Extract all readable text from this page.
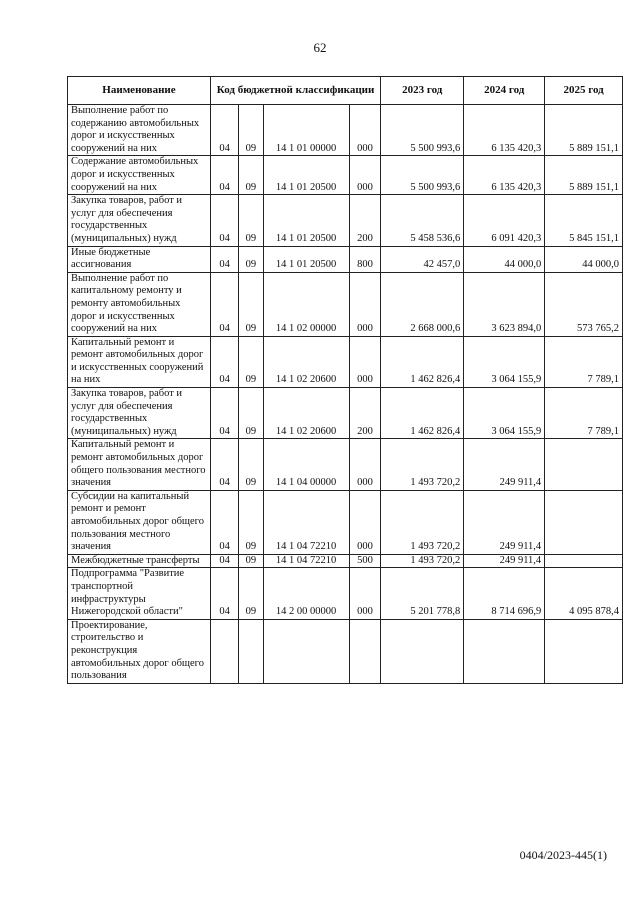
62
Наименование	Код бюджетной классификации				2023 год	2024 год	2025 год
Выполнение работ по содержанию автомобильных дорог и искусственных сооружений на них	04	09	14 1 01 00000	000	5 500 993,6	6 135 420,3	5 889 151,1
Содержание автомобильных дорог и искусственных сооружений на них	04	09	14 1 01 20500	000	5 500 993,6	6 135 420,3	5 889 151,1
Закупка товаров, работ и услуг для обеспечения государственных (муниципальных) нужд	04	09	14 1 01 20500	200	5 458 536,6	6 091 420,3	5 845 151,1
Иные бюджетные ассигнования	04	09	14 1 01 20500	800	42 457,0	44 000,0	44 000,0
Выполнение работ по капитальному ремонту и ремонту автомобильных дорог и искусственных сооружений на них	04	09	14 1 02 00000	000	2 668 000,6	3 623 894,0	573 765,2
Капитальный ремонт и ремонт автомобильных дорог и искусственных сооружений на них	04	09	14 1 02 20600	000	1 462 826,4	3 064 155,9	7 789,1
Закупка товаров, работ и услуг для обеспечения государственных (муниципальных) нужд	04	09	14 1 02 20600	200	1 462 826,4	3 064 155,9	7 789,1
Капитальный ремонт и ремонт автомобильных дорог общего пользования местного значения	04	09	14 1 04 00000	000	1 493 720,2	249 911,4	
Субсидии на капитальный ремонт и ремонт автомобильных дорог общего пользования местного значения	04	09	14 1 04 72210	000	1 493 720,2	249 911,4	
Межбюджетные трансферты	04	09	14 1 04 72210	500	1 493 720,2	249 911,4	
Подпрограмма "Развитие транспортной инфраструктуры Нижегородской области"	04	09	14 2 00 00000	000	5 201 778,8	8 714 696,9	4 095 878,4
Проектирование, строительство и реконструкция автомобильных дорог общего пользования							
0404/2023-445(1)
